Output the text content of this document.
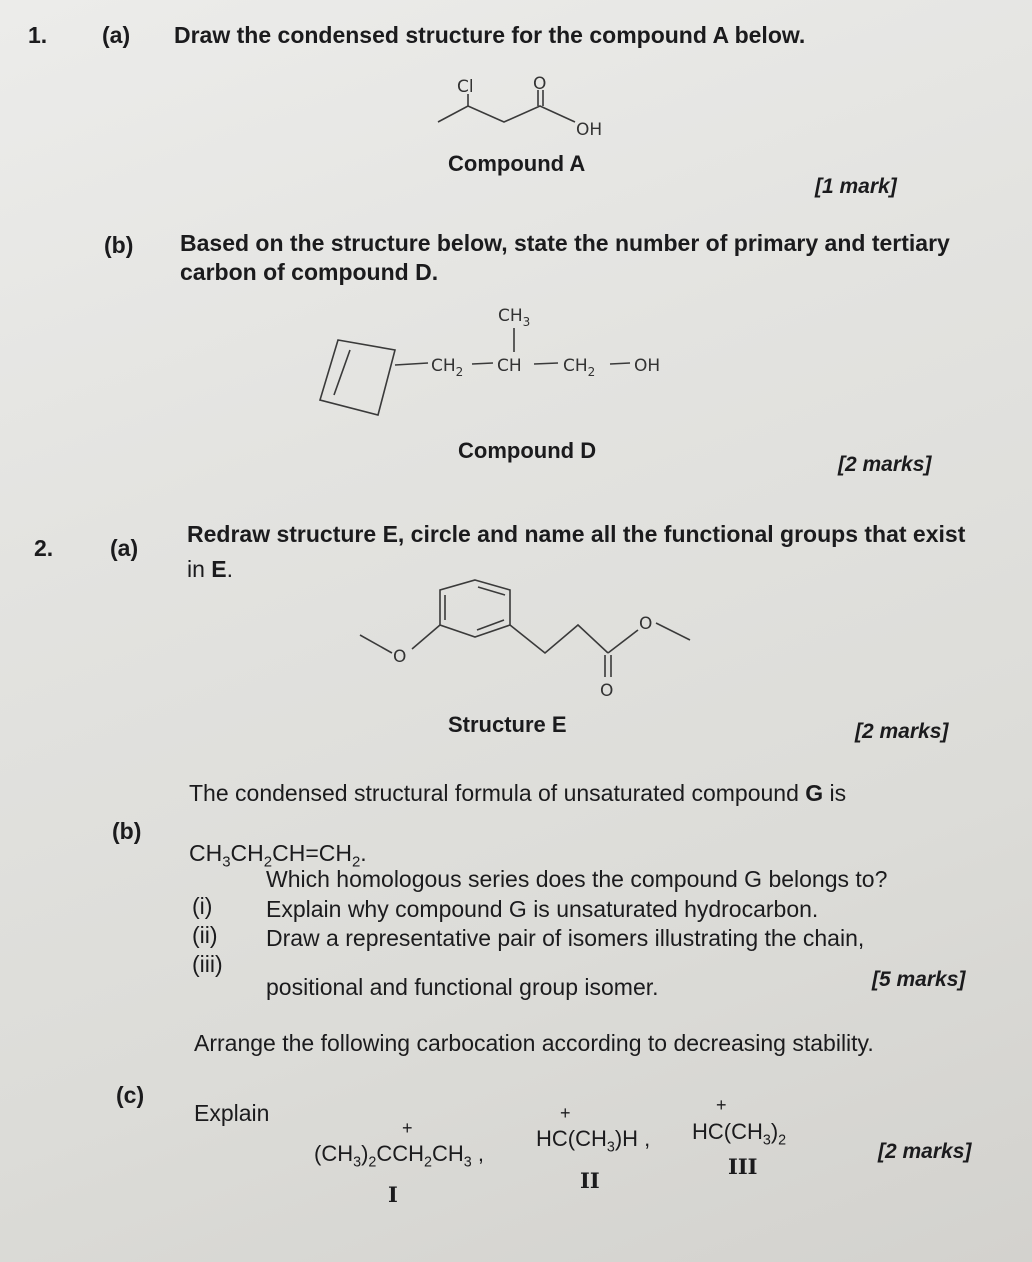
1. (a) Draw the condensed structure for the compound A below.
Cl	O
OH
Compound A
[1 mark]
(b) Based on the structure below, state the number of primary and tertiary
carbon of compound D.
$CH_2$ CH
$CH_3$
$CH_2$ OH
Compound D
[2 marks]
2. (a)
Redraw structure E, circle and name all the functional groups that exist
in E.
O
O
O
Structure E	[2 marks]
(b)
The condensed structural formula of unsaturated compound G is
$CH_3CH_2CH=CH_2$.
(i)
Which homologous series does the compound G belongs to?
(ii)
Explain why compound G is unsaturated hydrocarbon.
(iii)
Draw a representative pair of isomers illustrating the chain,
positional and functional group isomer.	[5 marks]
(c)
Arrange the following carbocation according to decreasing stability.
Explain
+
$(CH_3)_2CCH_2CH_3$ ,
I
+
$HC(CH_3)H$ ,
II
+
$HC(CH_3)_2$
III
[2 marks]
